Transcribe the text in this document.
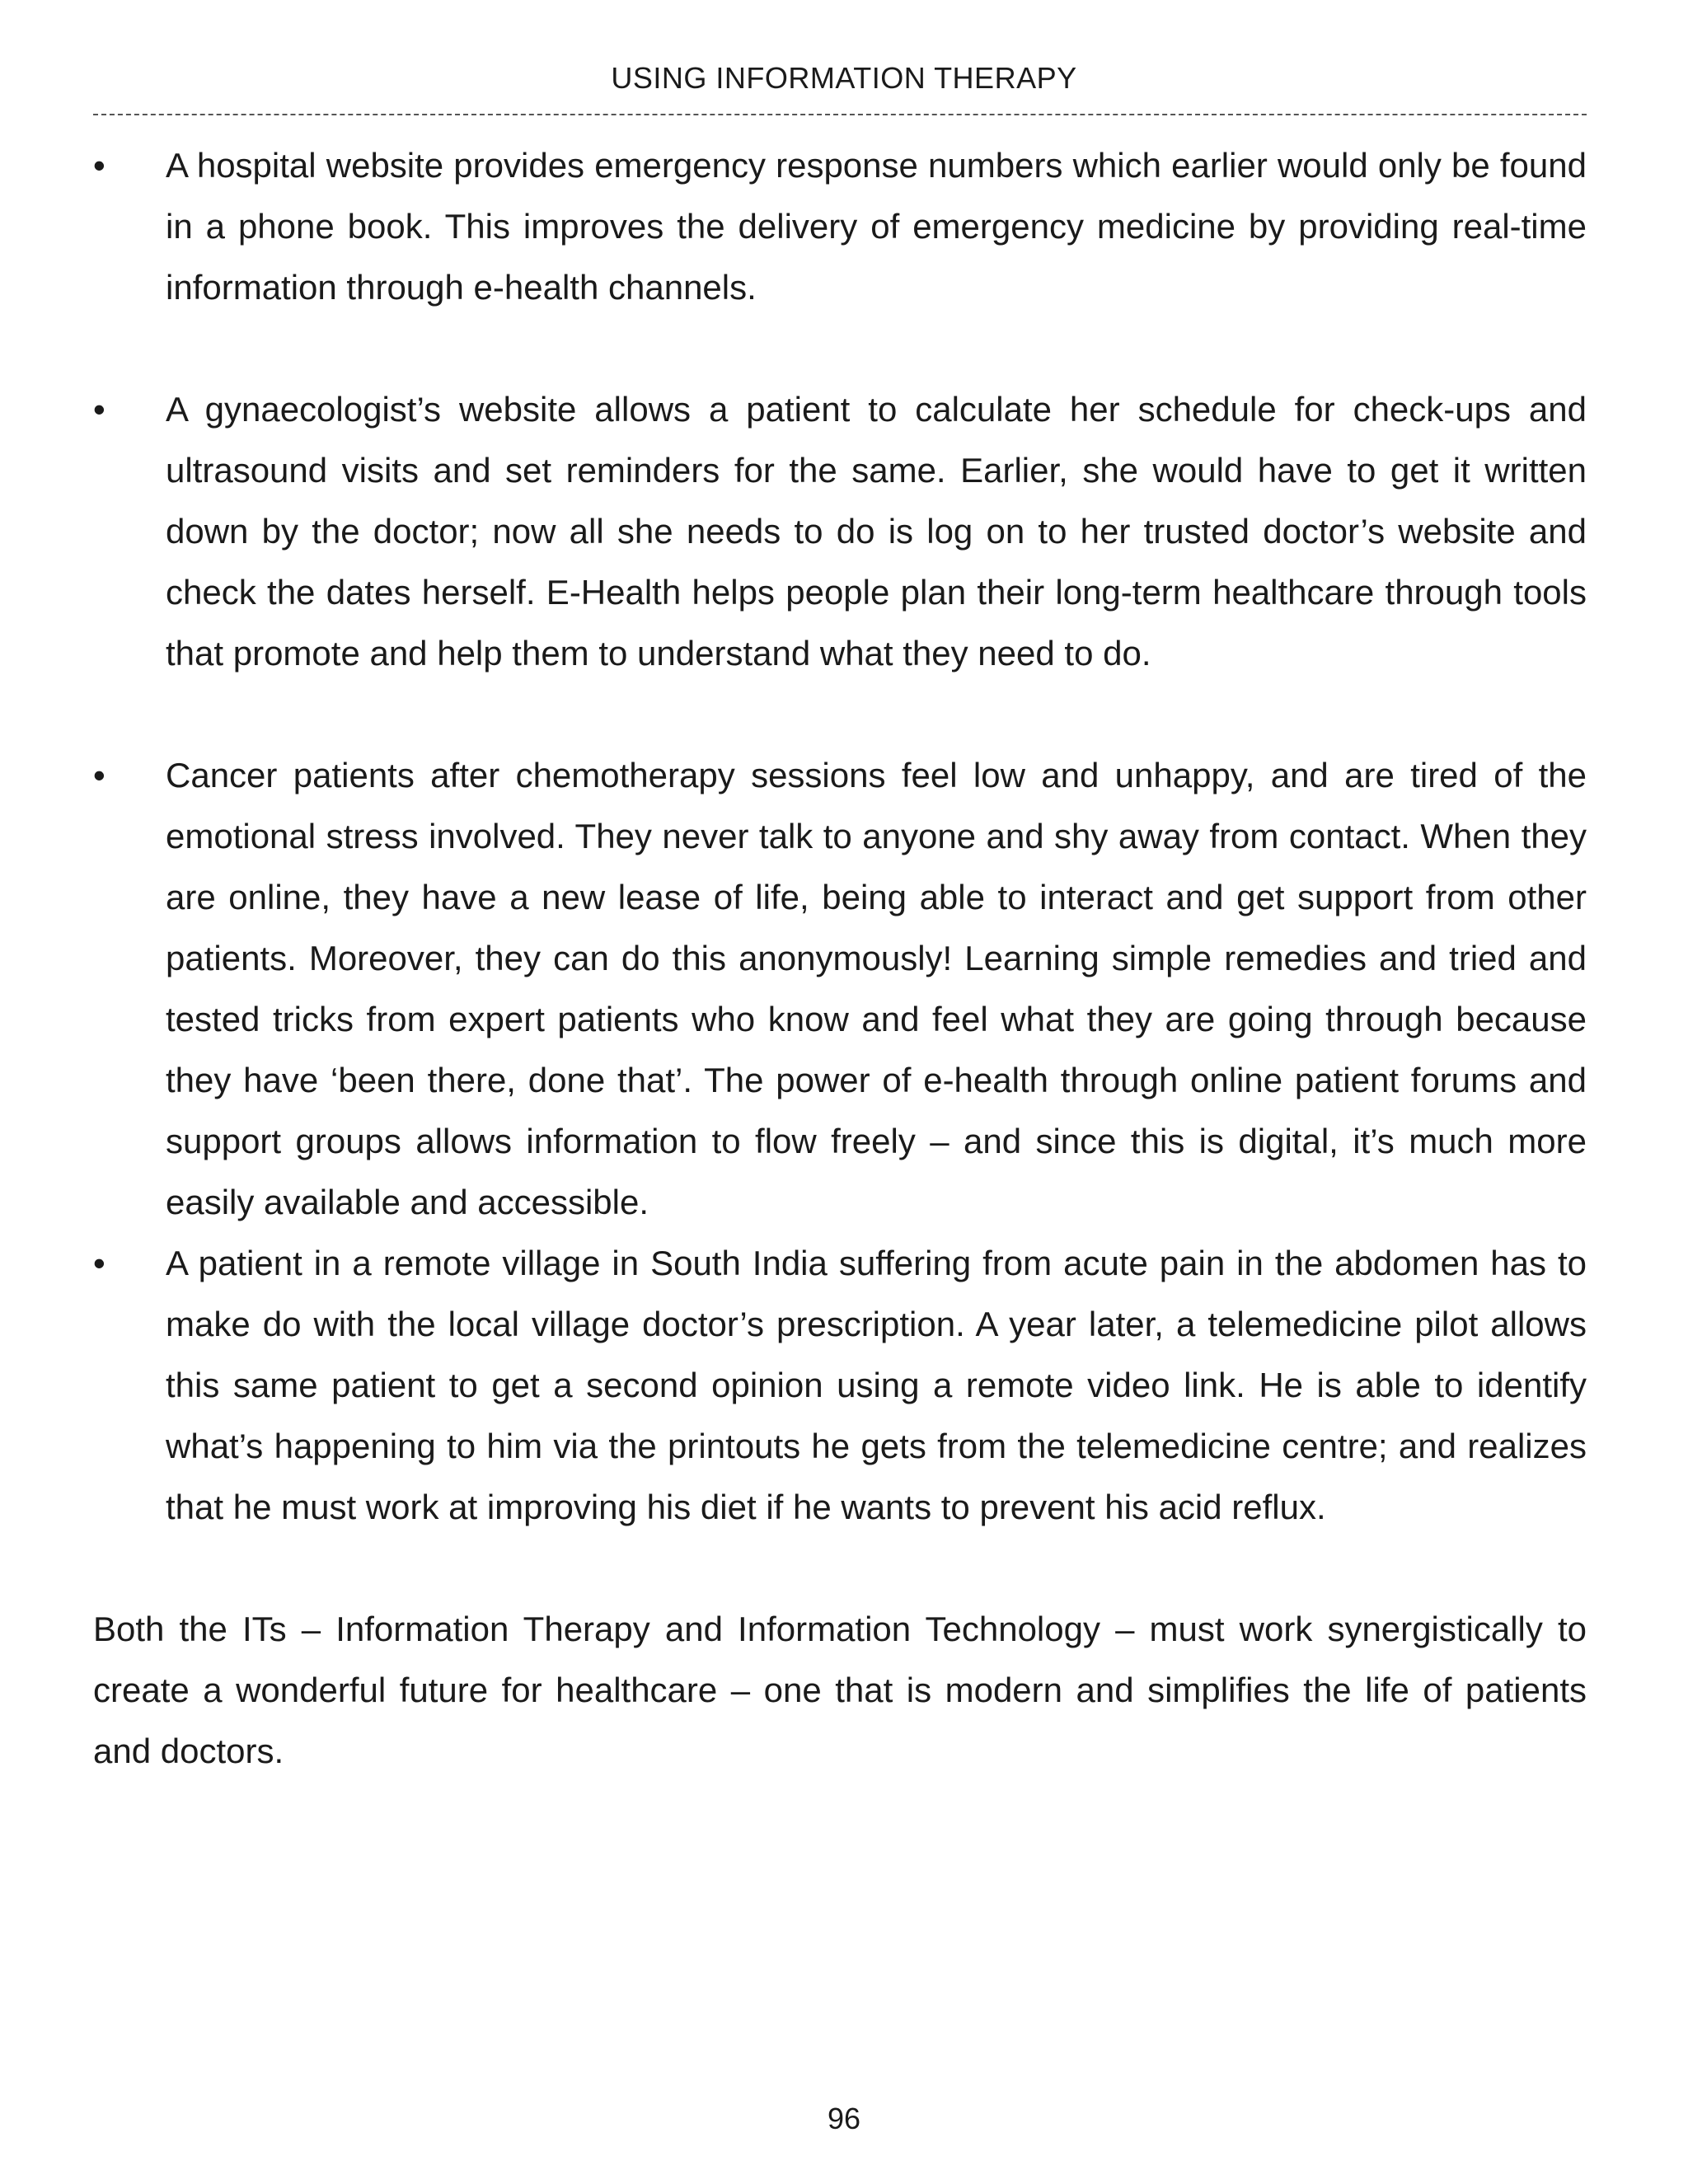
USING INFORMATION THERAPY
• A hospital website provides emergency response numbers which earlier would only be found in a phone book. This improves the delivery of emergency medicine by providing real-time information through e-health channels.
• A gynaecologist’s website allows a patient to calculate her schedule for check-ups and ultrasound visits and set reminders for the same. Earlier, she would have to get it written down by the doctor; now all she needs to do is log on to her trusted doctor’s website and check the dates herself. E-Health helps people plan their long-term healthcare through tools that promote and help them to understand what they need to do.
• Cancer patients after chemotherapy sessions feel low and unhappy, and are tired of the emotional stress involved. They never talk to anyone and shy away from contact. When they are online, they have a new lease of life, being able to interact and get support from other patients. Moreover, they can do this anonymously! Learning simple remedies and tried and tested tricks from expert patients who know and feel what they are going through because they have ‘been there, done that’. The power of e-health through online patient forums and support groups allows information to flow freely – and since this is digital, it’s much more easily available and accessible.
• A patient in a remote village in South India suffering from acute pain in the abdomen has to make do with the local village doctor’s prescription. A year later, a telemedicine pilot allows this same patient to get a second opinion using a remote video link. He is able to identify what’s happening to him via the printouts he gets from the telemedicine centre; and realizes that he must work at improving his diet if he wants to prevent his acid reflux.

Both the ITs – Information Therapy and Information Technology – must work synergistically to create a wonderful future for healthcare – one that is modern and simplifies the life of patients and doctors.

96
